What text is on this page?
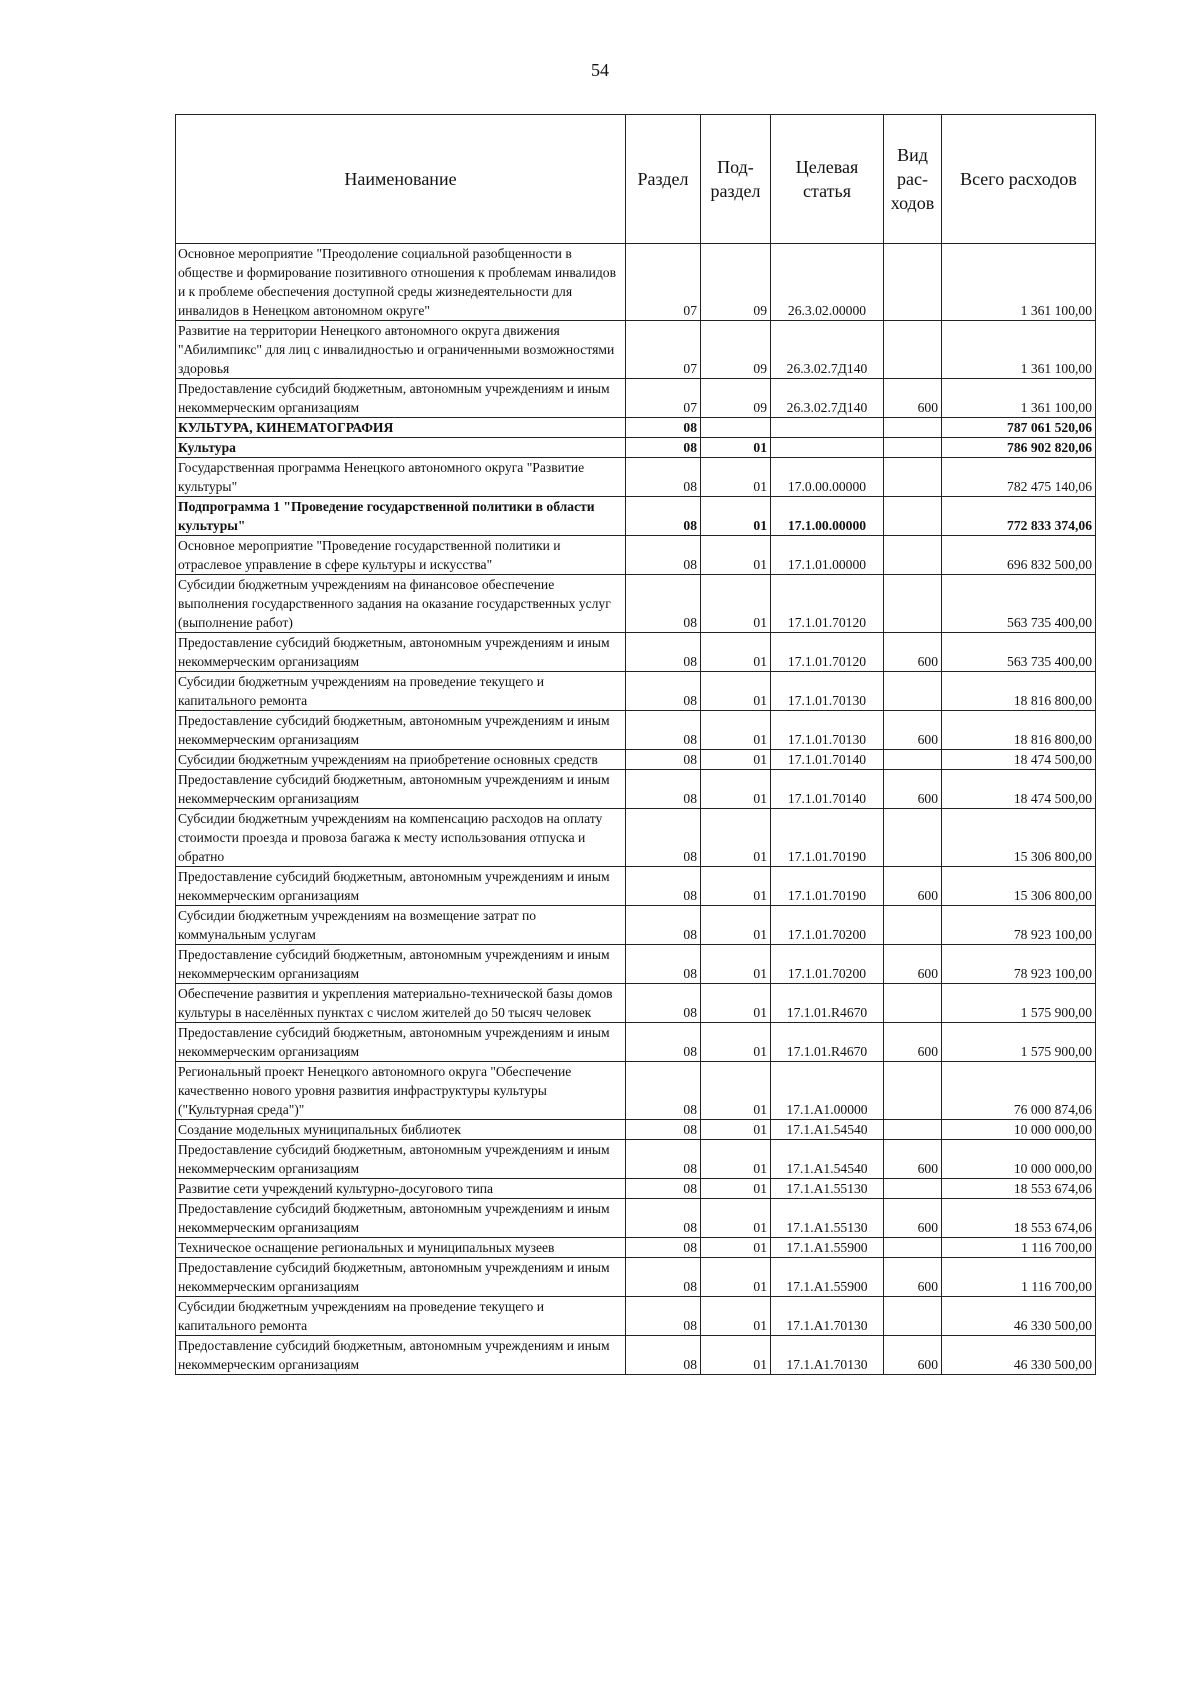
54
Наименование	Раздел	Под-раздел	Целевая статья	Вид рас-ходов	Всего расходов
Основное мероприятие "Преодоление социальной разобщенности в обществе и формирование позитивного отношения к проблемам инвалидов и к проблеме обеспечения доступной среды жизнедеятельности для инвалидов в Ненецком автономном округе"	07	09	26.3.02.00000		1 361 100,00
Развитие на территории Ненецкого автономного округа движения "Абилимпикс" для лиц с инвалидностью и ограниченными возможностями здоровья	07	09	26.3.02.7Д140		1 361 100,00
Предоставление субсидий бюджетным, автономным учреждениям и иным некоммерческим организациям	07	09	26.3.02.7Д140	600	1 361 100,00
КУЛЬТУРА, КИНЕМАТОГРАФИЯ	08				787 061 520,06
Культура	08	01			786 902 820,06
Государственная программа Ненецкого автономного округа "Развитие культуры"	08	01	17.0.00.00000		782 475 140,06
Подпрограмма 1 "Проведение государственной политики в области культуры"	08	01	17.1.00.00000		772 833 374,06
Основное мероприятие "Проведение государственной политики и отраслевое управление в сфере культуры и искусства"	08	01	17.1.01.00000		696 832 500,00
Субсидии бюджетным учреждениям на финансовое обеспечение выполнения государственного задания на оказание государственных услуг (выполнение работ)	08	01	17.1.01.70120		563 735 400,00
Предоставление субсидий бюджетным, автономным учреждениям и иным некоммерческим организациям	08	01	17.1.01.70120	600	563 735 400,00
Субсидии бюджетным учреждениям на проведение текущего и капитального ремонта	08	01	17.1.01.70130		18 816 800,00
Предоставление субсидий бюджетным, автономным учреждениям и иным некоммерческим организациям	08	01	17.1.01.70130	600	18 816 800,00
Субсидии бюджетным учреждениям на приобретение основных средств	08	01	17.1.01.70140		18 474 500,00
Предоставление субсидий бюджетным, автономным учреждениям и иным некоммерческим организациям	08	01	17.1.01.70140	600	18 474 500,00
Субсидии бюджетным учреждениям на компенсацию расходов на оплату стоимости проезда и провоза багажа к месту использования отпуска и обратно	08	01	17.1.01.70190		15 306 800,00
Предоставление субсидий бюджетным, автономным учреждениям и иным некоммерческим организациям	08	01	17.1.01.70190	600	15 306 800,00
Субсидии бюджетным учреждениям на возмещение затрат по коммунальным услугам	08	01	17.1.01.70200		78 923 100,00
Предоставление субсидий бюджетным, автономным учреждениям и иным некоммерческим организациям	08	01	17.1.01.70200	600	78 923 100,00
Обеспечение развития и укрепления материально-технической базы домов культуры в населённых пунктах с числом жителей до 50 тысяч человек	08	01	17.1.01.R4670		1 575 900,00
Предоставление субсидий бюджетным, автономным учреждениям и иным некоммерческим организациям	08	01	17.1.01.R4670	600	1 575 900,00
Региональный проект Ненецкого автономного округа "Обеспечение качественно нового уровня развития инфраструктуры культуры ("Культурная среда")"	08	01	17.1.A1.00000		76 000 874,06
Создание модельных муниципальных библиотек	08	01	17.1.A1.54540		10 000 000,00
Предоставление субсидий бюджетным, автономным учреждениям и иным некоммерческим организациям	08	01	17.1.A1.54540	600	10 000 000,00
Развитие сети учреждений культурно-досугового типа	08	01	17.1.A1.55130		18 553 674,06
Предоставление субсидий бюджетным, автономным учреждениям и иным некоммерческим организациям	08	01	17.1.A1.55130	600	18 553 674,06
Техническое оснащение региональных и муниципальных музеев	08	01	17.1.A1.55900		1 116 700,00
Предоставление субсидий бюджетным, автономным учреждениям и иным некоммерческим организациям	08	01	17.1.A1.55900	600	1 116 700,00
Субсидии бюджетным учреждениям на проведение текущего и капитального ремонта	08	01	17.1.A1.70130		46 330 500,00
Предоставление субсидий бюджетным, автономным учреждениям и иным некоммерческим организациям	08	01	17.1.A1.70130	600	46 330 500,00
